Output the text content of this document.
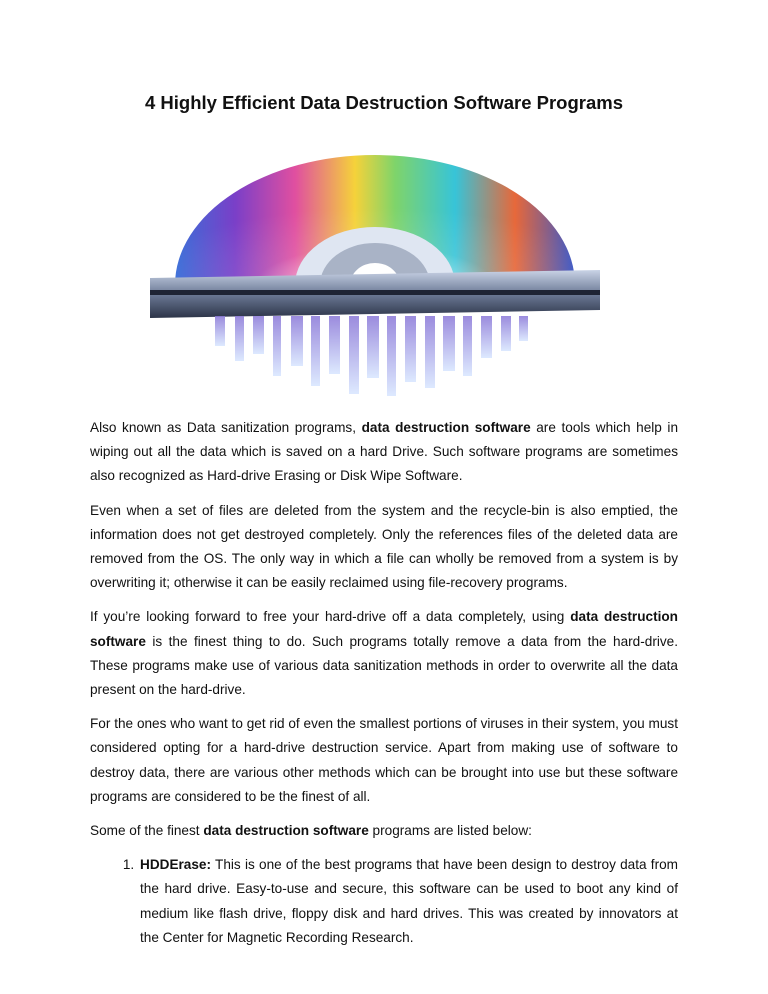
4 Highly Efficient Data Destruction Software Programs

Also known as Data sanitization programs, data destruction software are tools which help in wiping out all the data which is saved on a hard Drive. Such software programs are sometimes also recognized as Hard-drive Erasing or Disk Wipe Software.

Even when a set of files are deleted from the system and the recycle-bin is also emptied, the information does not get destroyed completely. Only the references files of the deleted data are removed from the OS. The only way in which a file can wholly be removed from a system is by overwriting it; otherwise it can be easily reclaimed using file-recovery programs.

If you’re looking forward to free your hard-drive off a data completely, using data destruction software is the finest thing to do. Such programs totally remove a data from the hard-drive. These programs make use of various data sanitization methods in order to overwrite all the data present on the hard-drive.

For the ones who want to get rid of even the smallest portions of viruses in their system, you must considered opting for a hard-drive destruction service. Apart from making use of software to destroy data, there are various other methods which can be brought into use but these software programs are considered to be the finest of all.

Some of the finest data destruction software programs are listed below:

1. HDDErase: This is one of the best programs that have been design to destroy data from the hard drive. Easy-to-use and secure, this software can be used to boot any kind of medium like flash drive, floppy disk and hard drives. This was created by innovators at the Center for Magnetic Recording Research.
